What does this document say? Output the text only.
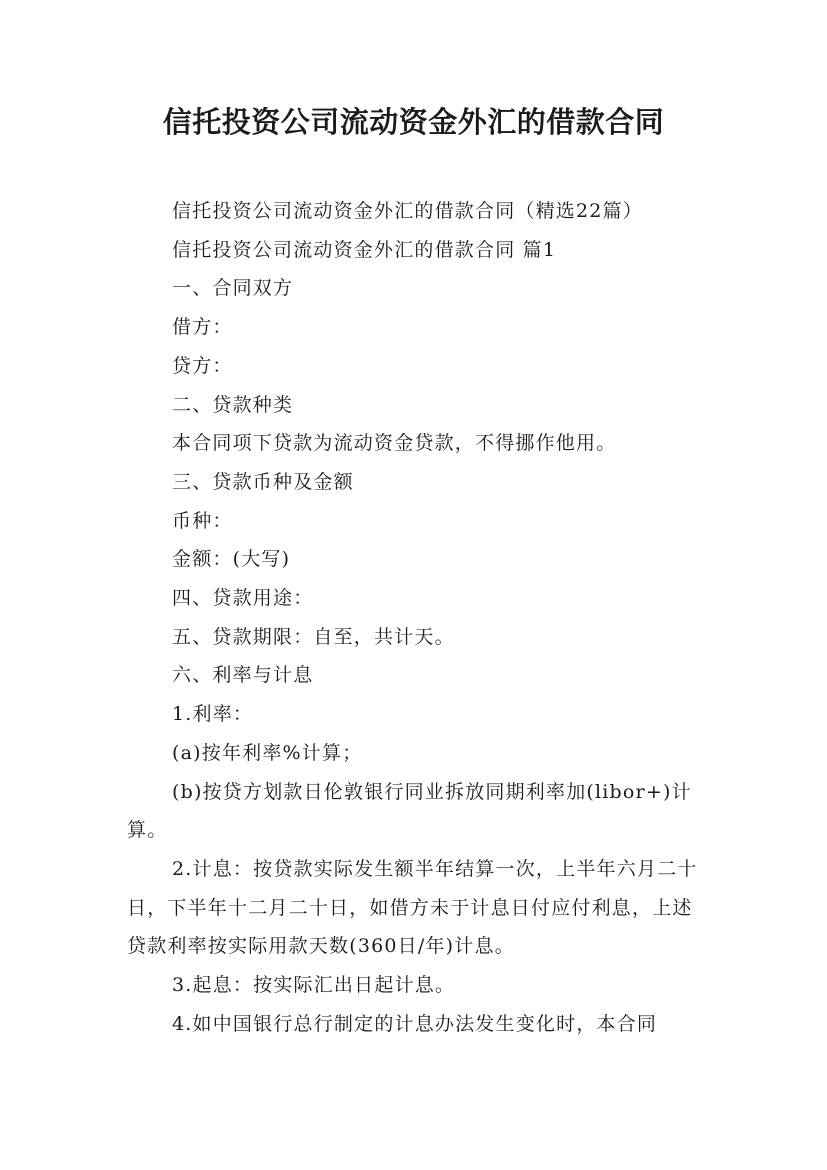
信托投资公司流动资金外汇的借款合同

信托投资公司流动资金外汇的借款合同（精选22篇）

信托投资公司流动资金外汇的借款合同 篇1

一、合同双方

借方：

贷方：

二、贷款种类

本合同项下贷款为流动资金贷款，不得挪作他用。

三、贷款币种及金额

币种：

金额：(大写)

四、贷款用途：

五、贷款期限：自至，共计天。

六、利率与计息

1.利率：

(a)按年利率%计算；

(b)按贷方划款日伦敦银行同业拆放同期利率加(libor+)计算。

2.计息：按贷款实际发生额半年结算一次，上半年六月二十日，下半年十二月二十日，如借方未于计息日付应付利息，上述贷款利率按实际用款天数(360日/年)计息。

3.起息：按实际汇出日起计息。

4.如中国银行总行制定的计息办法发生变化时，本合同
